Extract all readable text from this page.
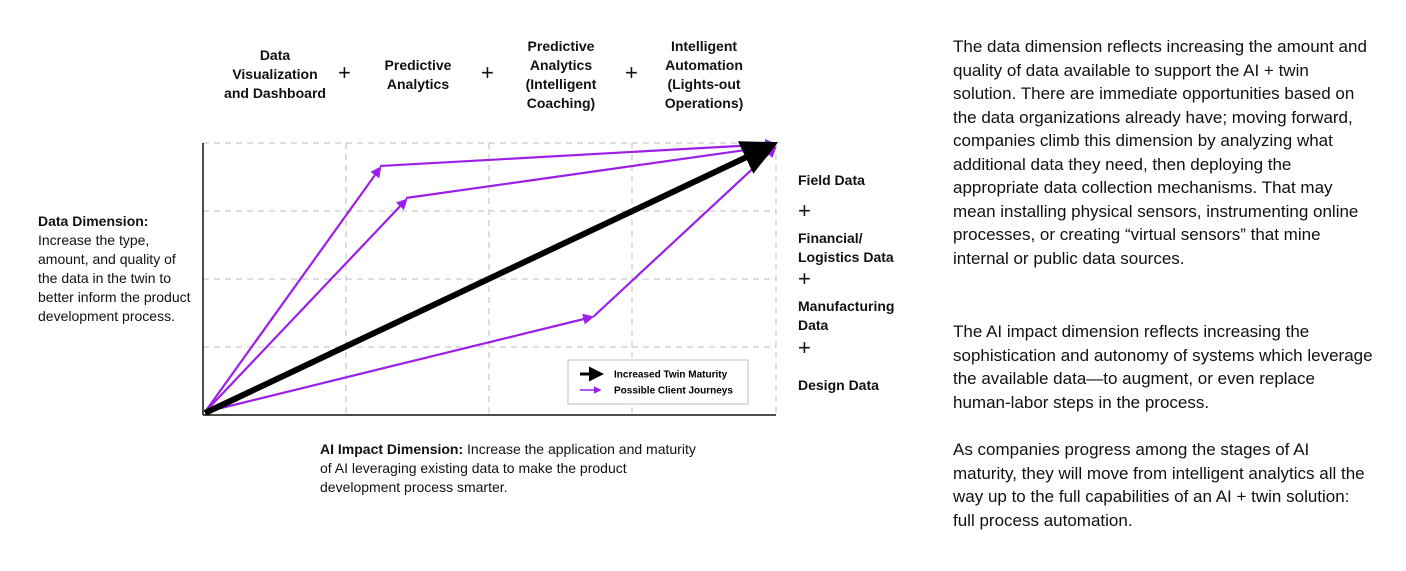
Data
Visualization
and Dashboard
+	Predictive
Analytics	+
Predictive
Analytics
(Intelligent
Coaching)
+
Intelligent
Automation
(Lights-out
Operations)
Data Dimension:
Increase the type, amount, and quality of the data in the twin to better inform the product development process.
Increased Twin Maturity
Possible Client Journeys
Field Data
+
Financial/
Logistics Data
+
Manufacturing
Data
+
Design Data
AI Impact Dimension: Increase the application and maturity of AI leveraging existing data to make the product development process smarter.
The data dimension reflects increasing the amount and quality of data available to support the AI + twin solution. There are immediate opportunities based on the data organizations already have; moving forward, companies climb this dimension by analyzing what additional data they need, then deploying the appropriate data collection mechanisms. That may mean installing physical sensors, instrumenting online processes, or creating “virtual sensors” that mine internal or public data sources.
The AI impact dimension reflects increasing the sophistication and autonomy of systems which leverage the available data—to augment, or even replace human-labor steps in the process.
As companies progress among the stages of AI maturity, they will move from intelligent analytics all the way up to the full capabilities of an AI + twin solution: full process automation.
